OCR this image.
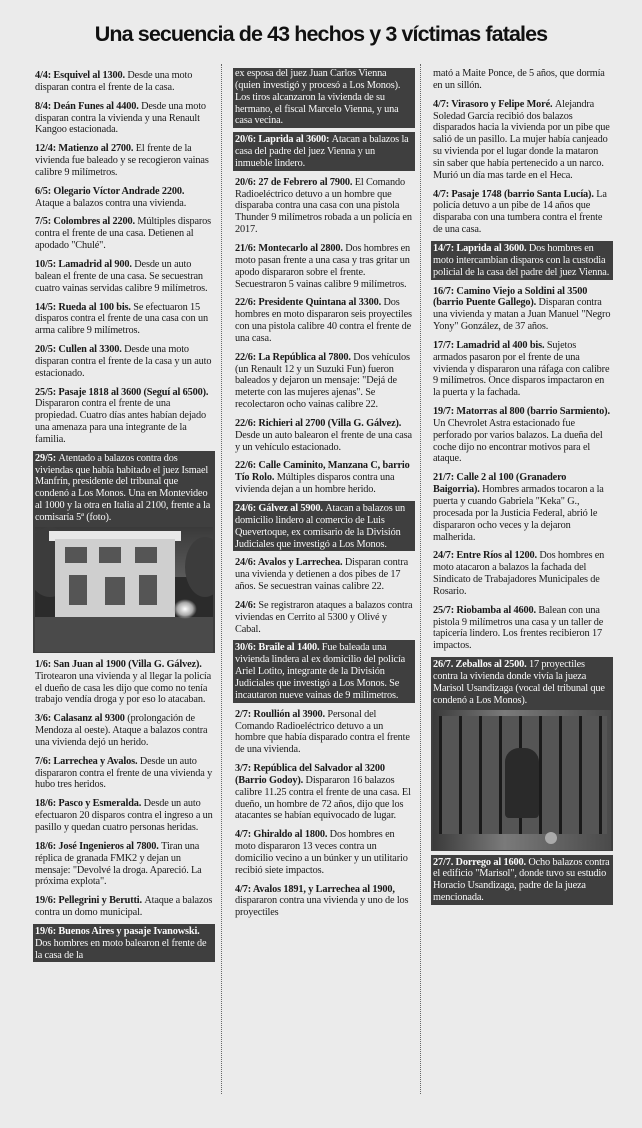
Una secuencia de 43 hechos y 3 víctimas fatales
4/4: Esquivel al 1300. Desde una moto disparan contra el frente de la casa.
8/4: Deán Funes al 4400. Desde una moto disparan contra la vivienda y una Renault Kangoo estacionada.
12/4: Matienzo al 2700. El frente de la vivienda fue baleado y se recogieron vainas calibre 9 milímetros.
6/5: Olegario Víctor Andrade 2200. Ataque a balazos contra una vivienda.
7/5: Colombres al 2200. Múltiples disparos contra el frente de una casa. Detienen al apodado "Chulé".
10/5: Lamadrid al 900. Desde un auto balean el frente de una casa. Se secuestran cuatro vainas servidas calibre 9 milímetros.
14/5: Rueda al 100 bis. Se efectuaron 15 disparos contra el frente de una casa con un arma calibre 9 milímetros.
20/5: Cullen al 3300. Desde una moto disparan contra el frente de la casa y un auto estacionado.
25/5: Pasaje 1818 al 3600 (Seguí al 6500). Dispararon contra el frente de una propiedad. Cuatro días antes habían dejado una amenaza para una integrante de la familia.
29/5: Atentado a balazos contra dos viviendas que había habitado el juez Ismael Manfrín, presidente del tribunal que condenó a Los Monos. Una en Montevideo al 1000 y la otra en Italia al 2100, frente a la comisaría 5ª (foto).
1/6: San Juan al 1900 (Villa G. Gálvez). Tirotearon una vivienda y al llegar la policía el dueño de casa les dijo que como no tenía trabajo vendía droga y por eso lo atacaban.
3/6: Calasanz al 9300 (prolongación de Mendoza al oeste). Ataque a balazos contra una vivienda dejó un herido.
7/6: Larrechea y Avalos. Desde un auto dispararon contra el frente de una vivienda y hubo tres heridos.
18/6: Pasco y Esmeralda. Desde un auto efectuaron 20 disparos contra el ingreso a un pasillo y quedan cuatro personas heridas.
18/6: José Ingenieros al 7800. Tiran una réplica de granada FMK2 y dejan un mensaje: "Devolvé la droga. Apareció. La próxima explota".
19/6: Pellegrini y Berutti. Ataque a balazos contra un domo municipal.
19/6: Buenos Aires y pasaje Ivanowski. Dos hombres en moto balearon el frente de la casa de la
ex esposa del juez Juan Carlos Vienna (quien investigó y procesó a Los Monos). Los tiros alcanzaron la vivienda de su hermano, el fiscal Marcelo Vienna, y una casa vecina.
20/6: Laprida al 3600: Atacan a balazos la casa del padre del juez Vienna y un inmueble lindero.
20/6: 27 de Febrero al 7900. El Comando Radioeléctrico detuvo a un hombre que disparaba contra una casa con una pistola Thunder 9 milímetros robada a un policía en 2017.
21/6: Montecarlo al 2800. Dos hombres en moto pasan frente a una casa y tras gritar un apodo dispararon sobre el frente. Secuestraron 5 vainas calibre 9 milímetros.
22/6: Presidente Quintana al 3300. Dos hombres en moto dispararon seis proyectiles con una pistola calibre 40 contra el frente de una casa.
22/6: La República al 7800. Dos vehículos (un Renault 12 y un Suzuki Fun) fueron baleados y dejaron un mensaje: "Dejá de meterte con las mujeres ajenas". Se recolectaron ocho vainas calibre 22.
22/6: Richieri al 2700 (Villa G. Gálvez). Desde un auto balearon el frente de una casa y un vehículo estacionado.
22/6: Calle Caminito, Manzana C, barrio Tío Rolo. Múltiples disparos contra una vivienda dejan a un hombre herido.
24/6: Gálvez al 5900. Atacan a balazos un domicilio lindero al comercio de Luis Quevertoque, ex comisario de la División Judiciales que investigó a Los Monos.
24/6: Avalos y Larrechea. Disparan contra una vivienda y detienen a dos pibes de 17 años. Se secuestran vainas calibre 22.
24/6: Se registraron ataques a balazos contra viviendas en Cerrito al 5300 y Olivé y Cabal.
30/6: Braile al 1400. Fue baleada una vivienda lindera al ex domicilio del policía Ariel Lotito, integrante de la División Judiciales que investigó a Los Monos. Se incautaron nueve vainas de 9 milímetros.
2/7: Roullión al 3900. Personal del Comando Radioeléctrico detuvo a un hombre que había disparado contra el frente de una vivienda.
3/7: República del Salvador al 3200 (Barrio Godoy). Dispararon 16 balazos calibre 11.25 contra el frente de una casa. El dueño, un hombre de 72 años, dijo que los atacantes se habían equivocado de lugar.
4/7: Ghiraldo al 1800. Dos hombres en moto dispararon 13 veces contra un domicilio vecino a un búnker y un utilitario recibió siete impactos.
4/7: Avalos 1891, y Larrechea al 1900, dispararon contra una vivienda y uno de los proyectiles
mató a Maite Ponce, de 5 años, que dormía en un sillón.
4/7: Virasoro y Felipe Moré. Alejandra Soledad García recibió dos balazos disparados hacia la vivienda por un pibe que salió de un pasillo. La mujer había canjeado su vivienda por el lugar donde la mataron sin saber que había pertenecido a un narco. Murió un día mas tarde en el Heca.
4/7: Pasaje 1748 (barrio Santa Lucía). La policía detuvo a un pibe de 14 años que disparaba con una tumbera contra el frente de una casa.
14/7: Laprida al 3600. Dos hombres en moto intercambian disparos con la custodia policial de la casa del padre del juez Vienna.
16/7: Camino Viejo a Soldini al 3500 (barrio Puente Gallego). Disparan contra una vivienda y matan a Juan Manuel "Negro Yony" González, de 37 años.
17/7: Lamadrid al 400 bis. Sujetos armados pasaron por el frente de una vivienda y dispararon una ráfaga con calibre 9 milímetros. Once disparos impactaron en la puerta y la fachada.
19/7: Matorras al 800 (barrio Sarmiento). Un Chevrolet Astra estacionado fue perforado por varios balazos. La dueña del coche dijo no encontrar motivos para el ataque.
21/7: Calle 2 al 100 (Granadero Baigorria). Hombres armados tocaron a la puerta y cuando Gabriela "Keka" G., procesada por la Justicia Federal, abrió le dispararon ocho veces y la dejaron malherida.
24/7: Entre Ríos al 1200. Dos hombres en moto atacaron a balazos la fachada del Sindicato de Trabajadores Municipales de Rosario.
25/7: Riobamba al 4600. Balean con una pistola 9 milímetros una casa y un taller de tapicería lindero. Los frentes recibieron 17 impactos.
26/7. Zeballos al 2500. 17 proyectiles contra la vivienda donde vivía la jueza Marisol Usandizaga (vocal del tribunal que condenó a Los Monos).
27/7. Dorrego al 1600. Ocho balazos contra el edificio "Marisol", donde tuvo su estudio Horacio Usandizaga, padre de la jueza mencionada.
